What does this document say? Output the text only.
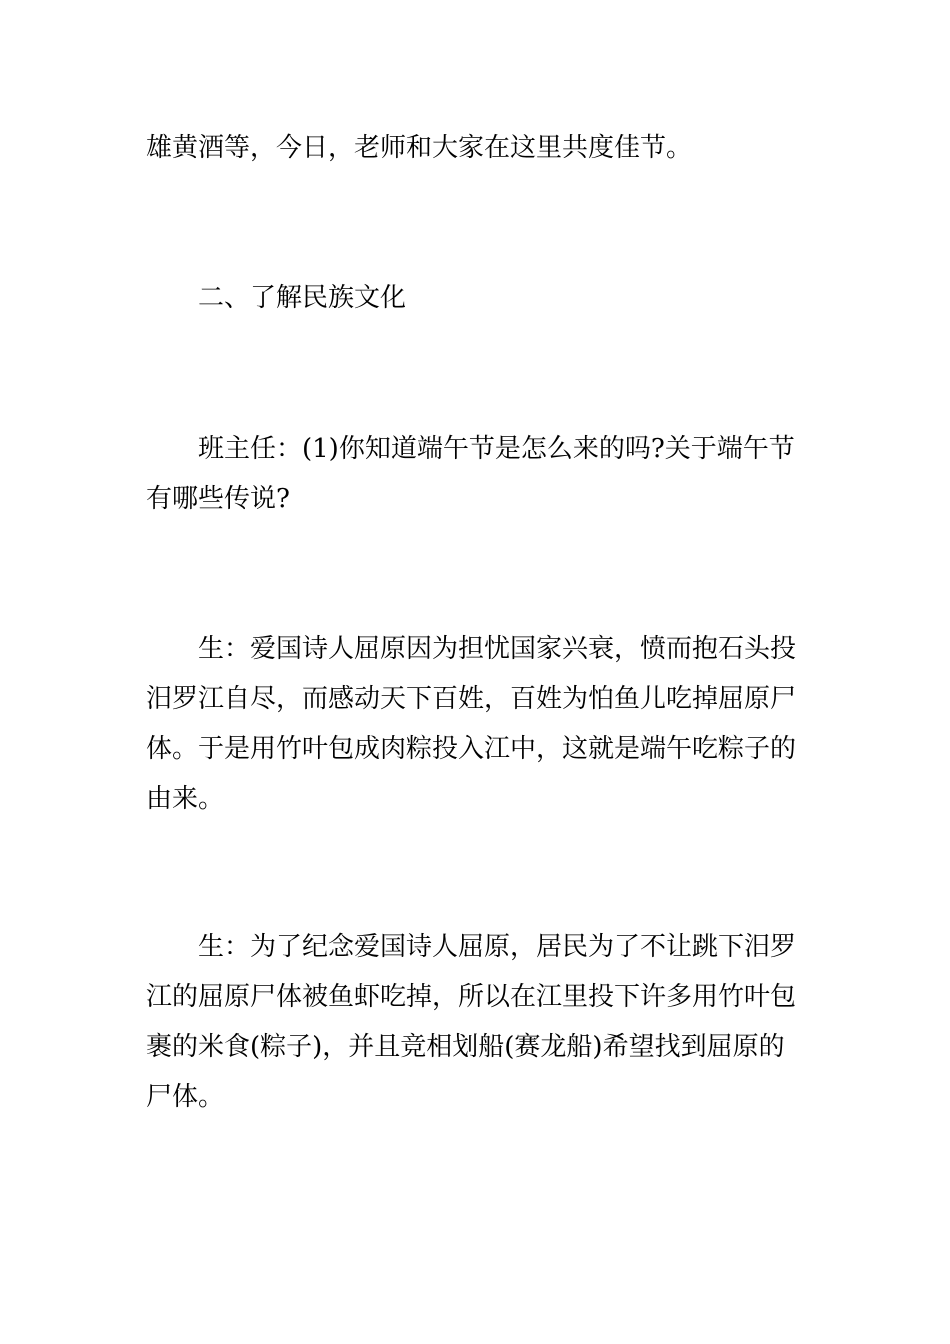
雄黄酒等，今日，老师和大家在这里共度佳节。
二、了解民族文化
班主任：(1)你知道端午节是怎么来的吗?关于端午节
有哪些传说?
生：爱国诗人屈原因为担忧国家兴衰，愤而抱石头投
汨罗江自尽，而感动天下百姓，百姓为怕鱼儿吃掉屈原尸
体。于是用竹叶包成肉粽投入江中，这就是端午吃粽子的
由来。
生：为了纪念爱国诗人屈原，居民为了不让跳下汨罗
江的屈原尸体被鱼虾吃掉，所以在江里投下许多用竹叶包
裹的米食(粽子)，并且竞相划船(赛龙船)希望找到屈原的
尸体。
